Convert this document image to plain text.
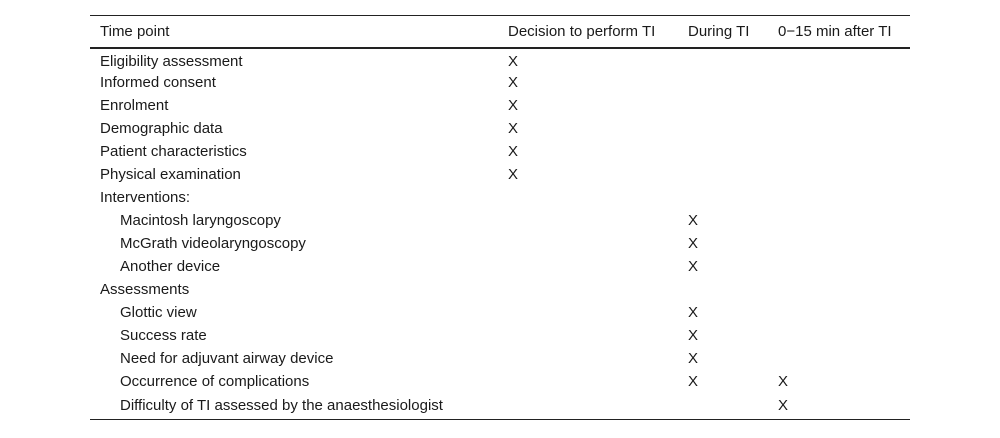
Time point	Decision to perform TI	During TI	0−15 min after TI
Eligibility assessment	X		
Informed consent	X		
Enrolment	X		
Demographic data	X		
Patient characteristics	X		
Physical examination	X		
Interventions:			
Macintosh laryngoscopy		X	
McGrath videolaryngoscopy		X	
Another device		X	
Assessments			
Glottic view		X	
Success rate		X	
Need for adjuvant airway device		X	
Occurrence of complications		X	X
Difficulty of TI assessed by the anaesthesiologist			X
